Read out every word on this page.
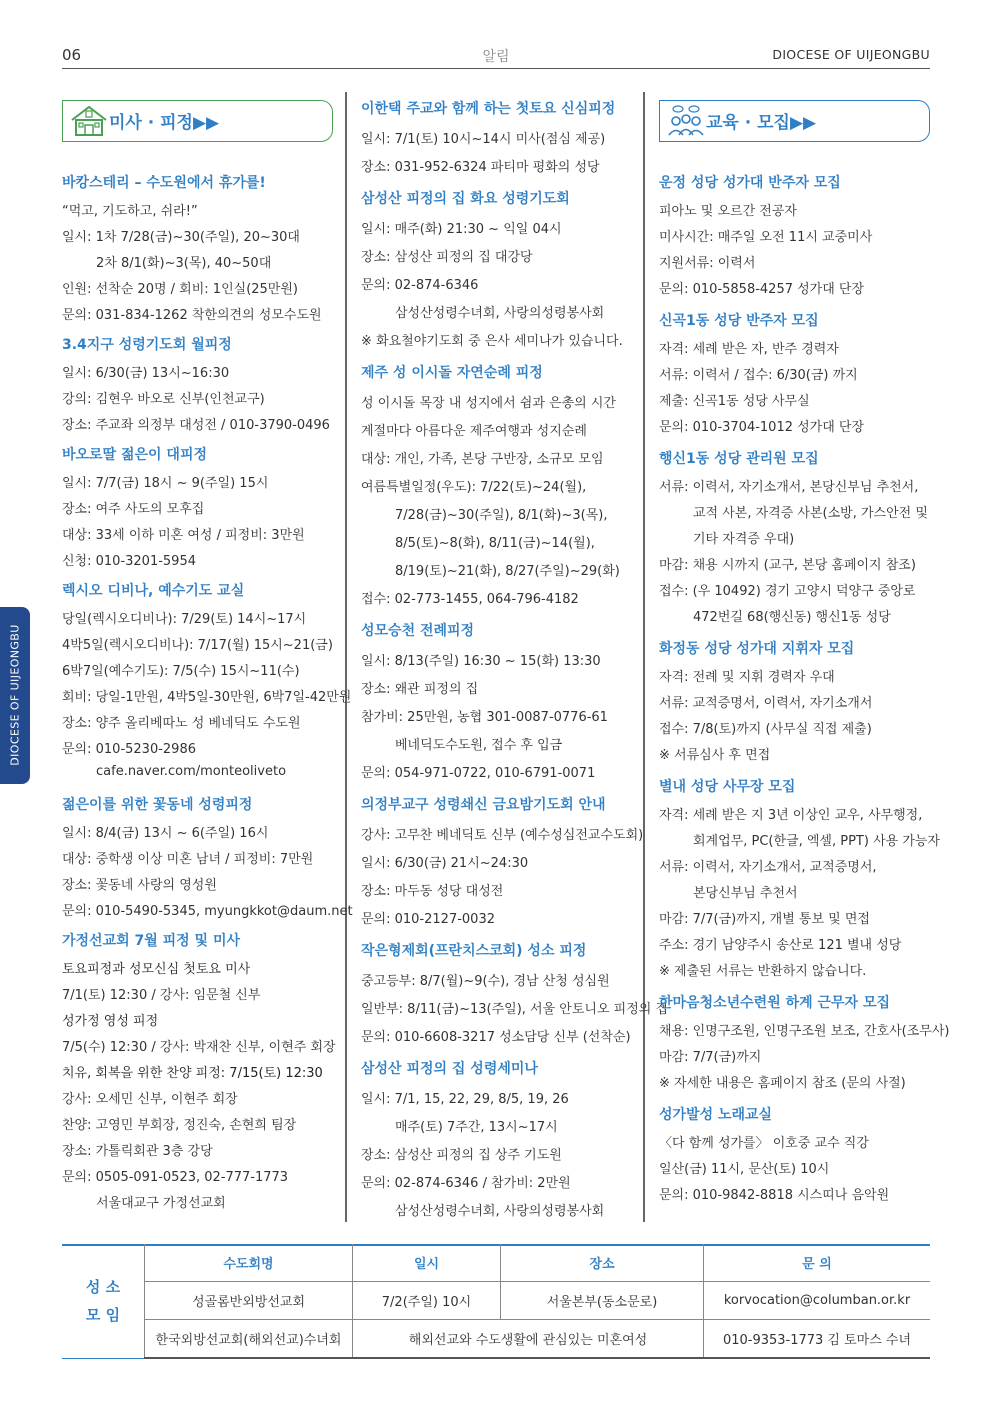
06	알림	DIOCESE OF UIJEONGBU
DIOCESE OF UIJEONGBU
미사 · 피정▶▶
바캉스테리 – 수도원에서 휴가를!
“먹고, 기도하고, 쉬라!”
일시: 1차 7/28(금)~30(주일), 20~30대
2차 8/1(화)~3(목), 40~50대
인원: 선착순 20명 / 회비: 1인실(25만원)
문의: 031-834-1262 착한의견의 성모수도원
3.4지구 성령기도회 월피정
일시: 6/30(금) 13시~16:30
강의: 김현우 바오로 신부(인천교구)
장소: 주교좌 의정부 대성전 / 010-3790-0496
바오로딸 젊은이 대피정
일시: 7/7(금) 18시 ~ 9(주일) 15시
장소: 여주 사도의 모후집
대상: 33세 이하 미혼 여성 / 피정비: 3만원
신청: 010-3201-5954
렉시오 디비나, 예수기도 교실
당일(렉시오디비나): 7/29(토) 14시~17시
4박5일(렉시오디비나): 7/17(월) 15시~21(금)
6박7일(예수기도): 7/5(수) 15시~11(수)
회비: 당일-1만원, 4박5일-30만원, 6박7일-42만원
장소: 양주 올리베따노 성 베네딕도 수도원
문의: 010-5230-2986
cafe.naver.com/monteoliveto
젊은이를 위한 꽃동네 성령피정
일시: 8/4(금) 13시 ~ 6(주일) 16시
대상: 중학생 이상 미혼 남녀 / 피정비: 7만원
장소: 꽃동네 사랑의 영성원
문의: 010-5490-5345, myungkkot@daum.net
가정선교회 7월 피정 및 미사
토요피정과 성모신심 첫토요 미사
7/1(토) 12:30 / 강사: 임문철 신부
성가정 영성 피정
7/5(수) 12:30 / 강사: 박재찬 신부, 이현주 회장
치유, 회복을 위한 찬양 피정: 7/15(토) 12:30
강사: 오세민 신부, 이현주 회장
찬양: 고영민 부회장, 정진숙, 손현희 팀장
장소: 가톨릭회관 3층 강당
문의: 0505-091-0523, 02-777-1773
서울대교구 가정선교회
이한택 주교와 함께 하는 첫토요 신심피정
일시: 7/1(토) 10시~14시 미사(점심 제공)
장소: 031-952-6324 파티마 평화의 성당
삼성산 피정의 집 화요 성령기도회
일시: 매주(화) 21:30 ~ 익일 04시
장소: 삼성산 피정의 집 대강당
문의: 02-874-6346
삼성산성령수녀회, 사랑의성령봉사회
※ 화요철야기도회 중 은사 세미나가 있습니다.
제주 성 이시돌 자연순례 피정
성 이시돌 목장 내 성지에서 쉼과 은총의 시간
계절마다 아름다운 제주여행과 성지순례
대상: 개인, 가족, 본당 구반장, 소규모 모임
여름특별일정(우도): 7/22(토)~24(월),
7/28(금)~30(주일), 8/1(화)~3(목),
8/5(토)~8(화), 8/11(금)~14(월),
8/19(토)~21(화), 8/27(주일)~29(화)
접수: 02-773-1455, 064-796-4182
성모승천 전례피정
일시: 8/13(주일) 16:30 ~ 15(화) 13:30
장소: 왜관 피정의 집
참가비: 25만원, 농협 301-0087-0776-61
베네딕도수도원, 접수 후 입금
문의: 054-971-0722, 010-6791-0071
의정부교구 성령쇄신 금요밤기도회 안내
강사: 고무찬 베네딕토 신부 (예수성심전교수도회)
일시: 6/30(금) 21시~24:30
장소: 마두동 성당 대성전
문의: 010-2127-0032
작은형제회(프란치스코회) 성소 피정
중고등부: 8/7(월)~9(수), 경남 산청 성심원
일반부: 8/11(금)~13(주일), 서울 안토니오 피정의 집
문의: 010-6608-3217 성소담당 신부 (선착순)
삼성산 피정의 집 성령세미나
일시: 7/1, 15, 22, 29, 8/5, 19, 26
매주(토) 7주간, 13시~17시
장소: 삼성산 피정의 집 상주 기도원
문의: 02-874-6346 / 참가비: 2만원
삼성산성령수녀회, 사랑의성령봉사회
교육 · 모집▶▶
운정 성당 성가대 반주자 모집
피아노 및 오르간 전공자
미사시간: 매주일 오전 11시 교중미사
지원서류: 이력서
문의: 010-5858-4257 성가대 단장
신곡1동 성당 반주자 모집
자격: 세례 받은 자, 반주 경력자
서류: 이력서 / 접수: 6/30(금) 까지
제출: 신곡1동 성당 사무실
문의: 010-3704-1012 성가대 단장
행신1동 성당 관리원 모집
서류: 이력서, 자기소개서, 본당신부님 추천서,
교적 사본, 자격증 사본(소방, 가스안전 및
기타 자격증 우대)
마감: 채용 시까지 (교구, 본당 홈페이지 참조)
접수: (우 10492) 경기 고양시 덕양구 중앙로
472번길 68(행신동) 행신1동 성당
화정동 성당 성가대 지휘자 모집
자격: 전례 및 지휘 경력자 우대
서류: 교적증명서, 이력서, 자기소개서
접수: 7/8(토)까지 (사무실 직접 제출)
※ 서류심사 후 면접
별내 성당 사무장 모집
자격: 세례 받은 지 3년 이상인 교우, 사무행정,
회계업무, PC(한글, 엑셀, PPT) 사용 가능자
서류: 이력서, 자기소개서, 교적증명서,
본당신부님 추천서
마감: 7/7(금)까지, 개별 통보 및 면접
주소: 경기 남양주시 송산로 121 별내 성당
※ 제출된 서류는 반환하지 않습니다.
한마음청소년수련원 하계 근무자 모집
채용: 인명구조원, 인명구조원 보조, 간호사(조무사)
마감: 7/7(금)까지
※ 자세한 내용은 홈페이지 참조 (문의 사절)
성가발성 노래교실
〈다 함께 성가를〉 이호중 교수 직강
일산(금) 11시, 문산(토) 10시
문의: 010-9842-8818 시스띠나 음악원
성 소
모 임	수도회명	일시	장소	문 의
	성골롬반외방선교회	7/2(주일) 10시	서울본부(동소문로)	korvocation@columban.or.kr
	한국외방선교회(해외선교)수녀회	해외선교와 수도생활에 관심있는 미혼여성		010-9353-1773 김 토마스 수녀
